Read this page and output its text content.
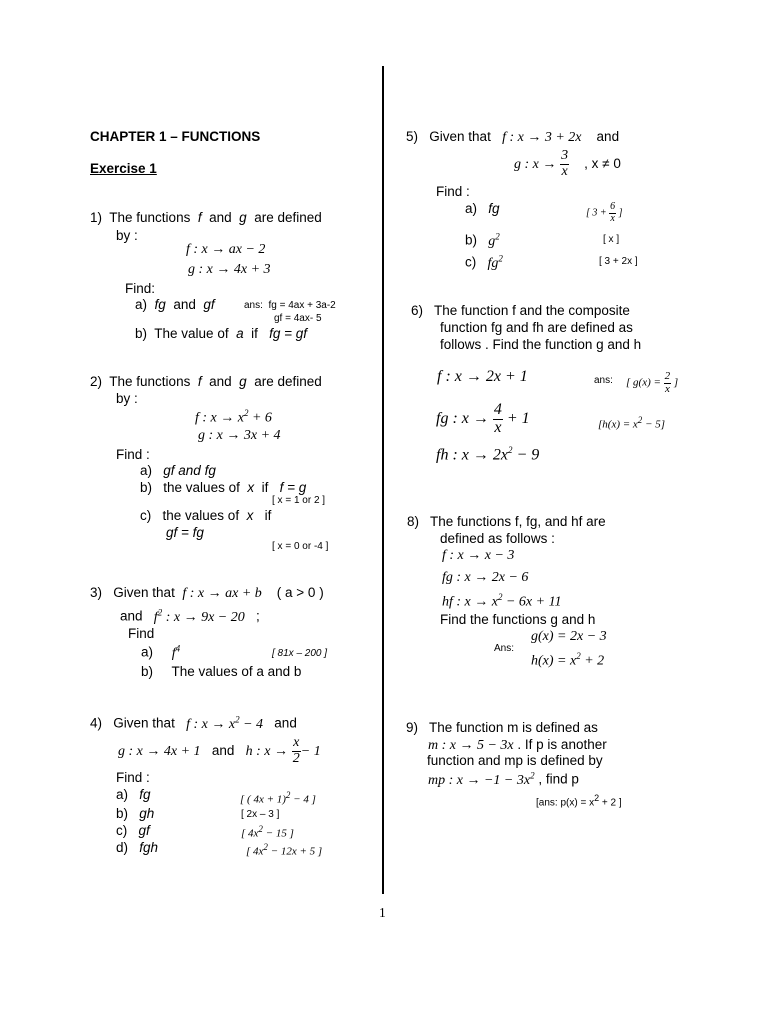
CHAPTER 1 – FUNCTIONS
Exercise 1
1) The functions f and g are defined
by :
f : x → ax − 2
g : x → 4x + 3
Find:
a) fg and gf	ans: fg = 4ax + 3a-2
gf = 4ax- 5
b) The value of a if fg = gf
2) The functions f and g are defined
by :
f : $x \to x^2 + 6$
g : x → 3x + 4
Find :
a) gf and fg
b) the values of x if f = g
[ x = 1 or 2 ]
c) the values of x if
gf = fg
[ x = 0 or -4 ]
3) Given that f : x → ax + b ( a > 0 )
and $f^2$ : x → 9x − 20 ;
Find
a) $f^4$	[ 81x – 200 ]
b) The values of a and b
4) Given that f : $x \to x^2 - 4$ and
g : x → 4x + 1 and h : $x \to \frac{x}{2} - 1$
Find :
a) fg	[ ( 4x + 1)$^2$ − 4 ]
b) gh	[ 2x – 3 ]
c) gf	[ $4x^2 - 15$ ]
d) fgh	[ $4x^2 - 12x + 5$ ]
5) Given that f : x → 3 + 2x and
g : $x \to \frac{3}{x}$ , x ≠ 0
Find :
a) fg	[ $3 + \frac{6}{x}$ ]
b) $g^2$	[ x ]
c) $fg^2$	[ 3 + 2x ]
6) The function f and the composite
function fg and fh are defined as
follows . Find the function g and h
f : x → 2x + 1	ans: [ $g(x) = \frac{2}{x}$ ]
fg : $x \to \frac{4}{x} + 1$	$[h(x) = x^2 - 5]$
fh : $x \to 2x^2 - 9$
8) The functions f, fg, and hf are
defined as follows :
f : x → x − 3
fg : x → 2x − 6
hf : $x \to x^2 - 6x + 11$
Find the functions g and h
Ans:
g(x) = 2x − 3
$h(x) = x^2 + 2$
9) The function m is defined as
m : x → 5 − 3x . If p is another
function and mp is defined by
mp : $x \to -1 - 3x^2$ , find p
[ans: $p(x) = x^2 + 2$ ]
1
